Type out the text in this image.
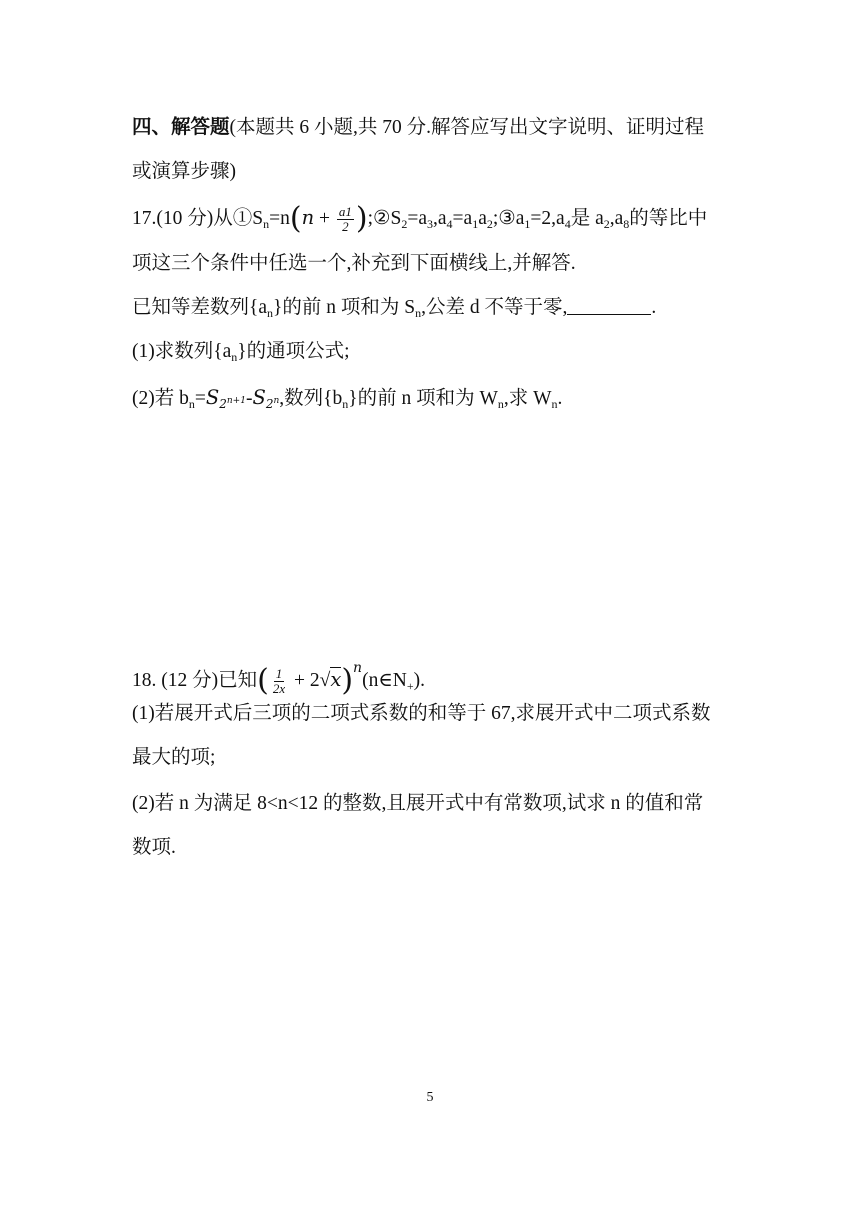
四、解答题(本题共 6 小题,共 70 分.解答应写出文字说明、证明过程
或演算步骤)
17.(10 分)从$①S_n=n(n + \frac{a1}{2}$ )$;②S_2=a_3,a_4=a_1a_2;③a_1=2,a_4$是 $a_2,a_8$的等比中
项这三个条件中任选一个,补充到下面横线上,并解答.
已知等差数列$\{a_n\}$的前 n 项和为 $S_n$,公差 d 不等于零,	.
(1)求数列$\{a_n\}$的通项公式;
(2)若 $b_n=S_{2^{n+1}}-S_{2^n}$,数列$\{b_n\}$的前 n 项和为 $W_n$,求 $W_n$.
18. (12 分)已知( $\frac{1}{2x}$ + $2√x)^n(n\in N_+)$.
(1)若展开式后三项的二项式系数的和等于 67,求展开式中二项式系数
最大的项;
(2)若 n 为满足 8<n<12 的整数,且展开式中有常数项,试求 n 的值和常
数项.
5
